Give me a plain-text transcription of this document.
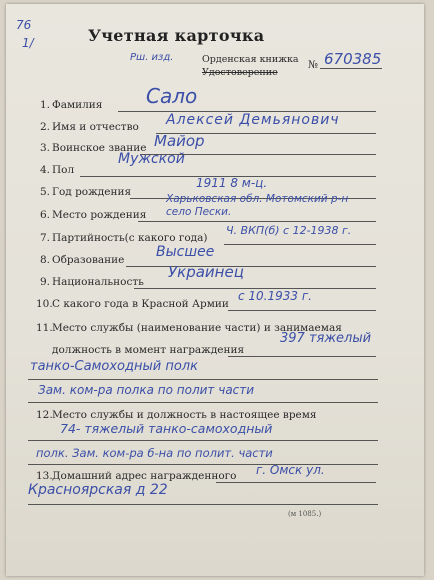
76
1/	Учетная карточка
Рш. изд.	Орденская книжка
Удостоверение
№ 670385
1. Фамилия Сало
2. Имя и отчество Алексей Демьянович
3. Воинское звание Майор
4. Пол
Мужской
5. Год рождения
1911 8 м-ц.
6. Место рождения
Харьковская обл. Мотомский р-н
село Пески.
7. Партийность(с какого года)
Ч. ВКП(б) с 12-1938 г.
8. Образование Высшее
9. Национальность
Украинец
10. С какого года в Красной Армии
с 10.1933 г.
11. Место службы (наименование части) и занимаемая
должность в момент награждения
397 тяжелый
танко-Самоходный полк
Зам. ком-ра полка по полит части
12. Место службы и должность в настоящее время
74- тяжелый танко-самоходный
полк. Зам. ком-ра б-на по полит. части
13. Домашний адрес награжденного г. Омск ул.
Красноярская д 22
(м 1085.)
